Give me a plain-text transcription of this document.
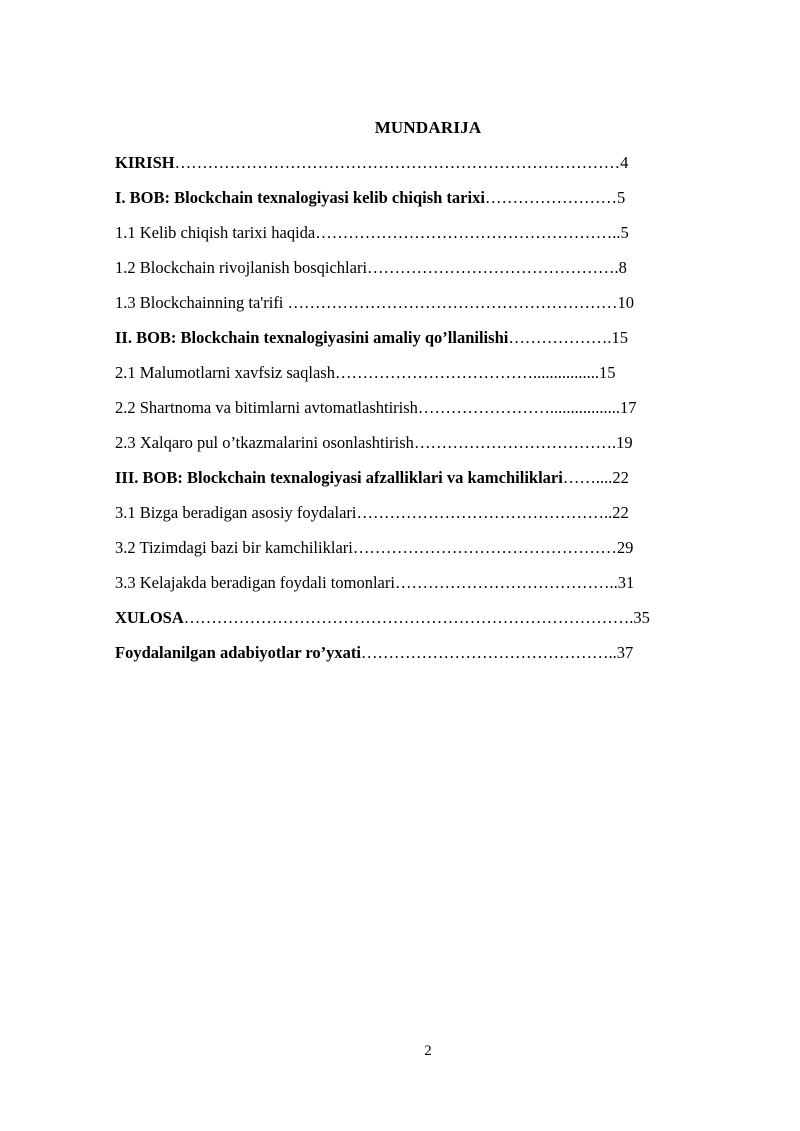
MUNDARIJA
KIRISH………………………………………………………………………4
I. BOB: Blockchain texnalogiyasi kelib chiqish tarixi……………………5
1.1 Kelib chiqish tarixi haqida………………………………………………..5
1.2 Blockchain rivojlanish bosqichlari……………………………………….8
1.3 Blockchainning ta'rifi ……………………………………………………10
II. BOB: Blockchain texnalogiyasini amaliy qo’llanilishi……………….15
2.1 Malumotlarni xavfsiz saqlash………………………………................15
2.2 Shartnoma va bitimlarni avtomatlashtirish…………………….................17
2.3 Xalqaro pul o’tkazmalarini osonlashtirish……………………………….19
III. BOB: Blockchain texnalogiyasi afzalliklari va kamchiliklari……....22
3.1 Bizga beradigan asosiy foydalari………………………………………..22
3.2 Tizimdagi bazi bir kamchiliklari…………………………………………29
3.3 Kelajakda beradigan foydali tomonlari…………………………………..31
XULOSA……………………………………………………………………….35
Foydalanilgan adabiyotlar ro’yxati………………………………………..37
2
